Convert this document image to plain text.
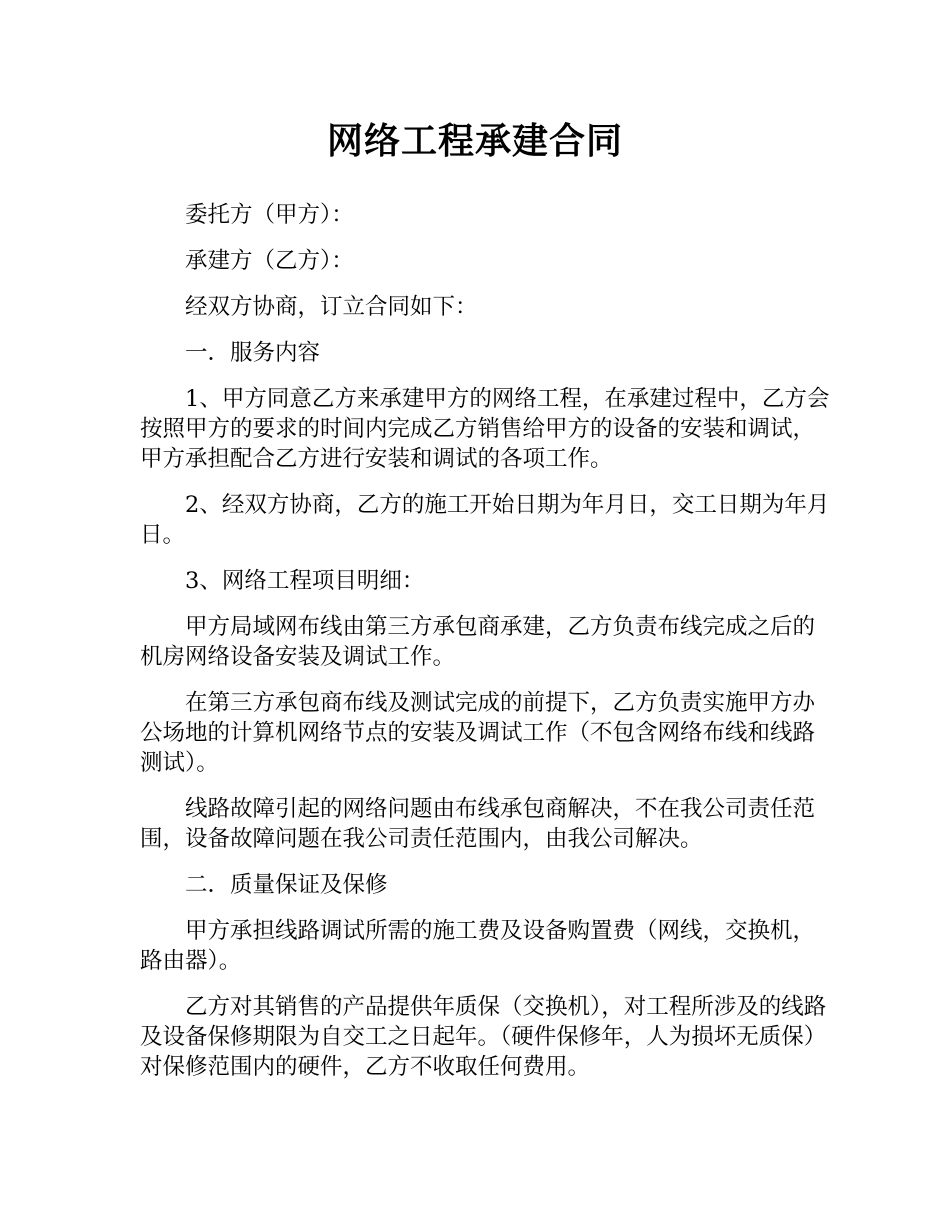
网络工程承建合同

委托方（甲方）：

承建方（乙方）：

经双方协商，订立合同如下：

一．服务内容

1、甲方同意乙方来承建甲方的网络工程，在承建过程中，乙方会按照甲方的要求的时间内完成乙方销售给甲方的设备的安装和调试，甲方承担配合乙方进行安装和调试的各项工作。

2、经双方协商，乙方的施工开始日期为年月日，交工日期为年月日。

3、网络工程项目明细：

甲方局域网布线由第三方承包商承建，乙方负责布线完成之后的机房网络设备安装及调试工作。

在第三方承包商布线及测试完成的前提下，乙方负责实施甲方办公场地的计算机网络节点的安装及调试工作（不包含网络布线和线路测试）。

线路故障引起的网络问题由布线承包商解决，不在我公司责任范围，设备故障问题在我公司责任范围内，由我公司解决。

二．质量保证及保修

甲方承担线路调试所需的施工费及设备购置费（网线，交换机，路由器）。

乙方对其销售的产品提供年质保（交换机），对工程所涉及的线路及设备保修期限为自交工之日起年。（硬件保修年，人为损坏无质保）对保修范围内的硬件，乙方不收取任何费用。
